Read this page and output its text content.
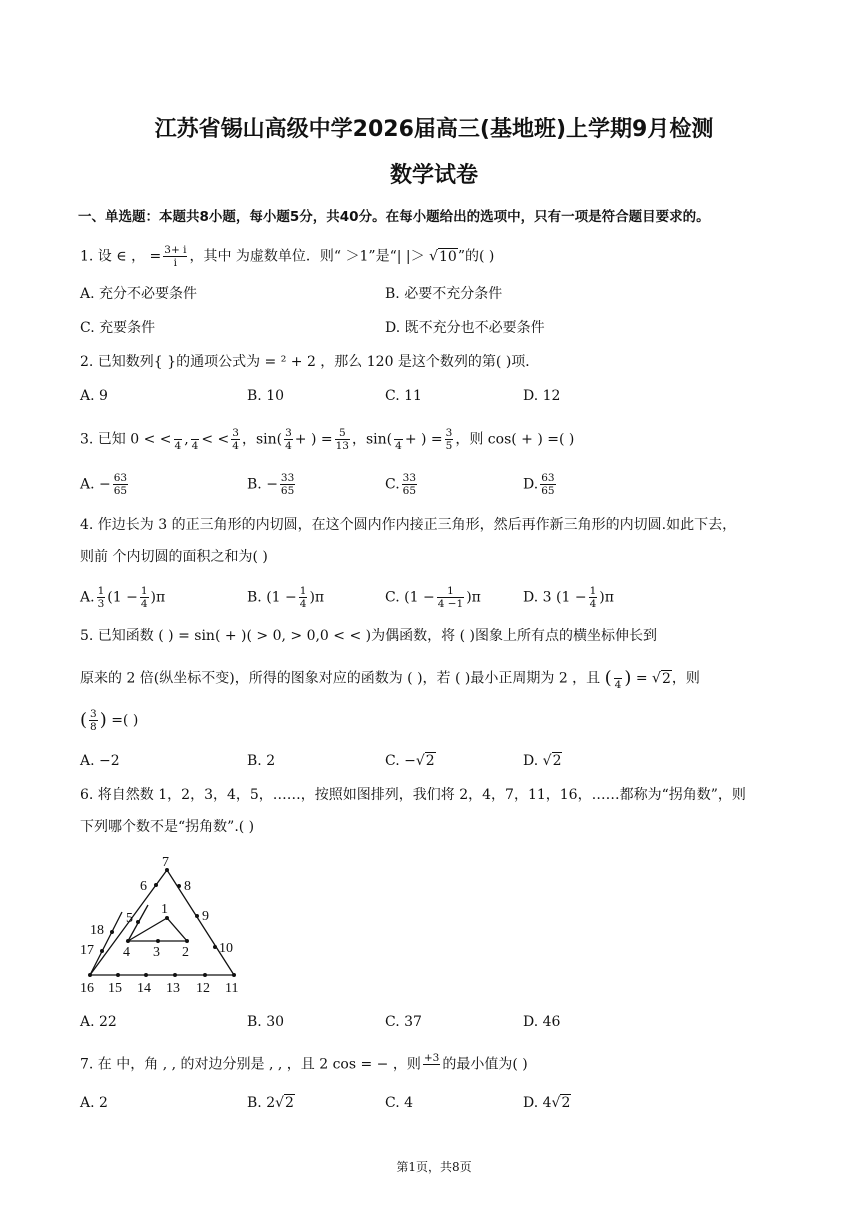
江苏省锡山高级中学2026届高三(基地班)上学期9月检测
数学试卷
一、单选题：本题共8小题，每小题5分，共40分。在每小题给出的选项中，只有一项是符合题目要求的。
1. 设 ∈ ， = $\frac{3+ i}{i}$ ，其中 为虚数单位．则“ ＞1”是“| |＞ √10”的( )
A. 充分不必要条件	B. 必要不充分条件
C. 充要条件	D. 既不充分也不必要条件
2. 已知数列{ }的通项公式为 = ² + 2 ，那么 120 是这个数列的第( )项．
A. 9	B. 10	C. 11	D. 12
3. 已知 0 < <
4 ,
4 < < $\frac{3}{4}$ ，$\sin( \frac{3}{4}$ + ) = $\frac{5}{13}$ ，sin(
4 + ) = $\frac{3}{5}$ ，则 cos( + ) =( )
A. − $\frac{63}{65}$	B. − $\frac{33}{65}$	C. $\frac{33}{65}$	D. $\frac{63}{65}$
4. 作边长为 3 的正三角形的内切圆，在这个圆内作内接正三角形，然后再作新三角形的内切圆.如此下去，
则前 个内切圆的面积之和为( )
A. $\frac{1}{3} (1 - \frac{1}{4} )\pi$	B. $(1 - \frac{1}{4} )\pi$	C. $(1 - \frac{1}{4 -1} )\pi$	D. 3 $(1 - \frac{1}{4} )\pi$
5. 已知函数 ( ) = sin( + )( > 0, > 0,0 < < )为偶函数，将 ( )图象上所有点的横坐标伸长到
原来的 2 倍(纵坐标不变)，所得的图象对应的函数为 ( )，若 ( )最小正周期为 2 ，且 (
4 ) = √2，则
( $\frac{3}{8}$ ) =( )
A. −2	B. 2	C. −√2	D. √2
6. 将自然数 1，2，3，4，5，……，按照如图排列，我们将 2，4，7，11，16，……都称为“拐角数”，则
下列哪个数不是“拐角数”.( )
7
6	8
9
10
1
5
4 3 2
18
17
16 15 14 13 12 11
A. 22	B. 30	C. 37	D. 46
7. 在 中，角 , , 的对边分别是 , , ，且 2 cos = − ，则 +3
的最小值为( )
A. 2	B. 2√2	C. 4	D. 4√2
第1页，共8页
